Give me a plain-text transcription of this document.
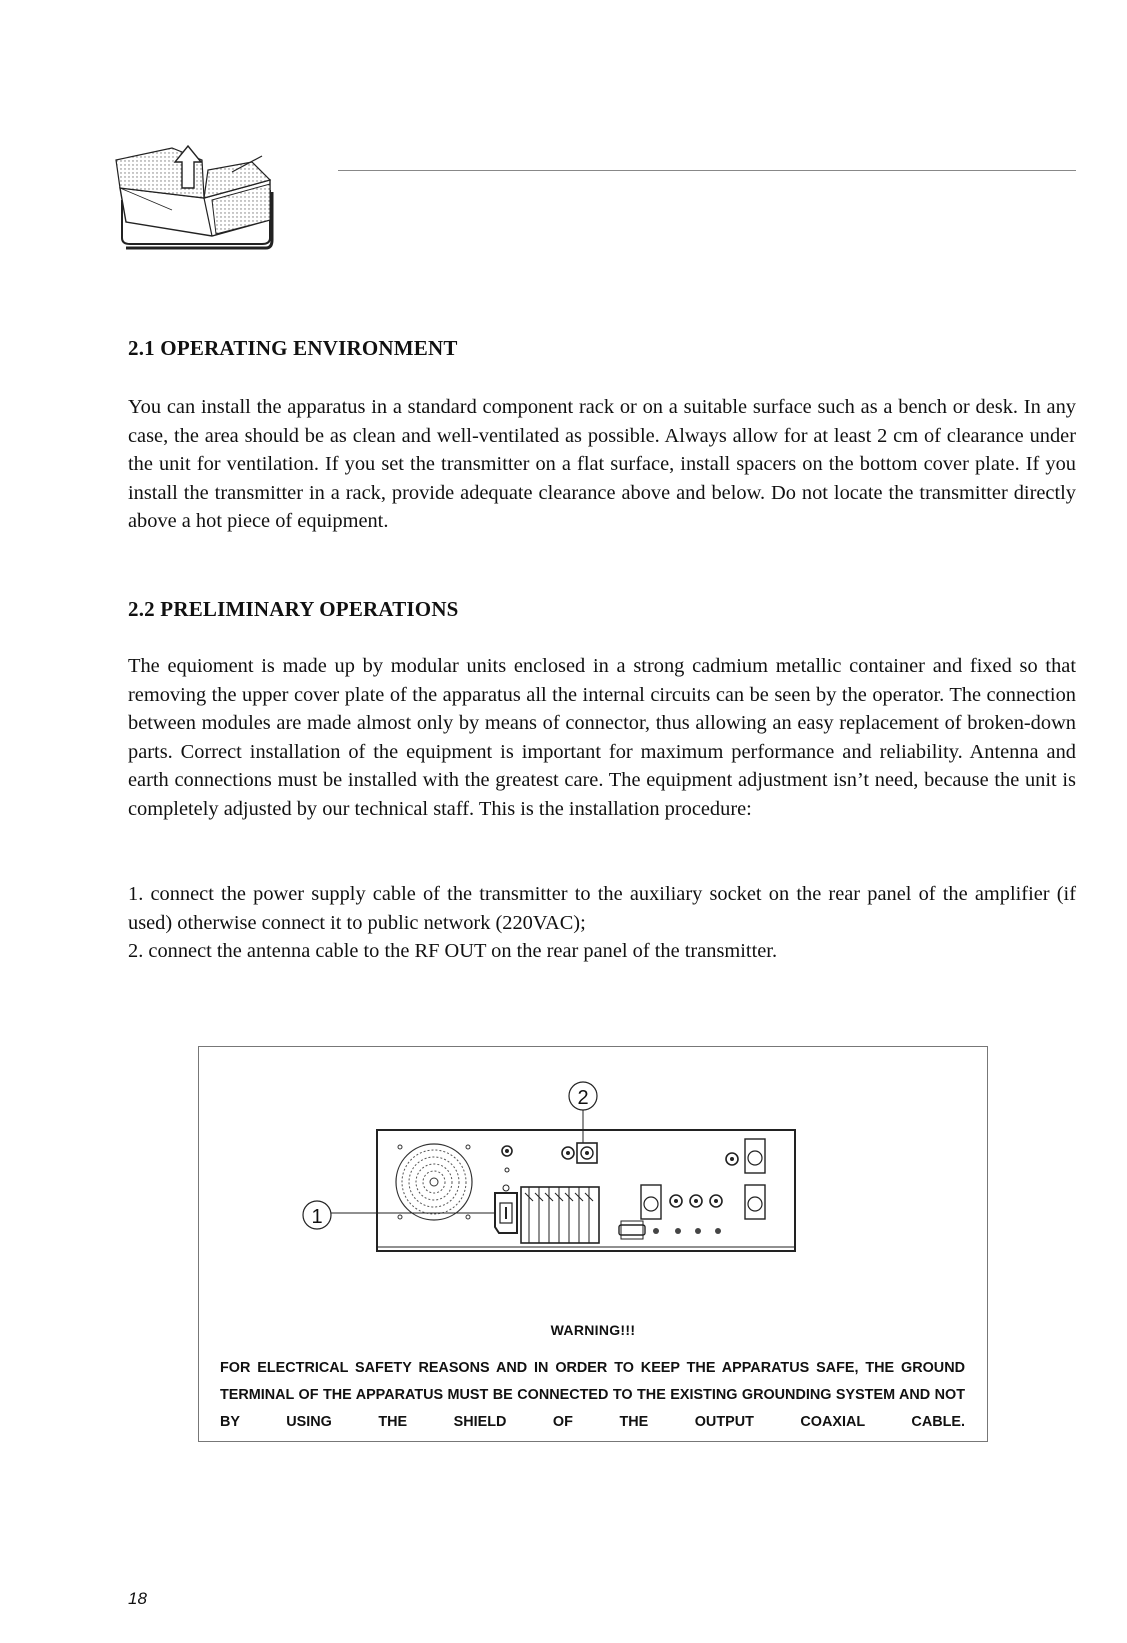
2.1 OPERATING ENVIRONMENT

You can install the apparatus in a standard component rack or on a suitable surface such as a bench or desk. In any case, the area should be as clean and well-ventilated as possible. Always allow for at least 2 cm of clearance under the unit for ventilation. If you set the transmitter on a flat surface, install spacers on the bottom cover plate. If you install the transmitter in a rack, provide adequate clearance above and below. Do not locate the transmitter directly above a hot piece of equipment.

2.2 PRELIMINARY OPERATIONS

The equioment is made up by modular units enclosed in a strong cadmium metallic container and fixed so that removing the upper cover plate of the apparatus all the internal circuits can be seen by the operator. The connection between modules are made almost only by means of connector, thus allowing an easy replacement of broken-down parts. Correct installation of the equipment is important for maximum performance and reliability. Antenna and earth connections must be installed with the greatest care. The equipment adjustment isn’t need, because the unit is completely adjusted by our technical staff. This is the installation procedure:

1. connect the power supply cable of the transmitter to the auxiliary socket on the rear panel of the amplifier (if used) otherwise connect it to public network (220VAC);
2. connect the antenna cable to the RF OUT on the rear panel of the transmitter.
2
1
WARNING!!!

FOR ELECTRICAL SAFETY REASONS AND IN ORDER TO KEEP THE APPARATUS SAFE, THE GROUND TERMINAL OF THE APPARATUS MUST BE CONNECTED TO THE EXISTING GROUNDING SYSTEM AND NOT BY USING THE SHIELD OF THE OUTPUT COAXIAL CABLE.

18
